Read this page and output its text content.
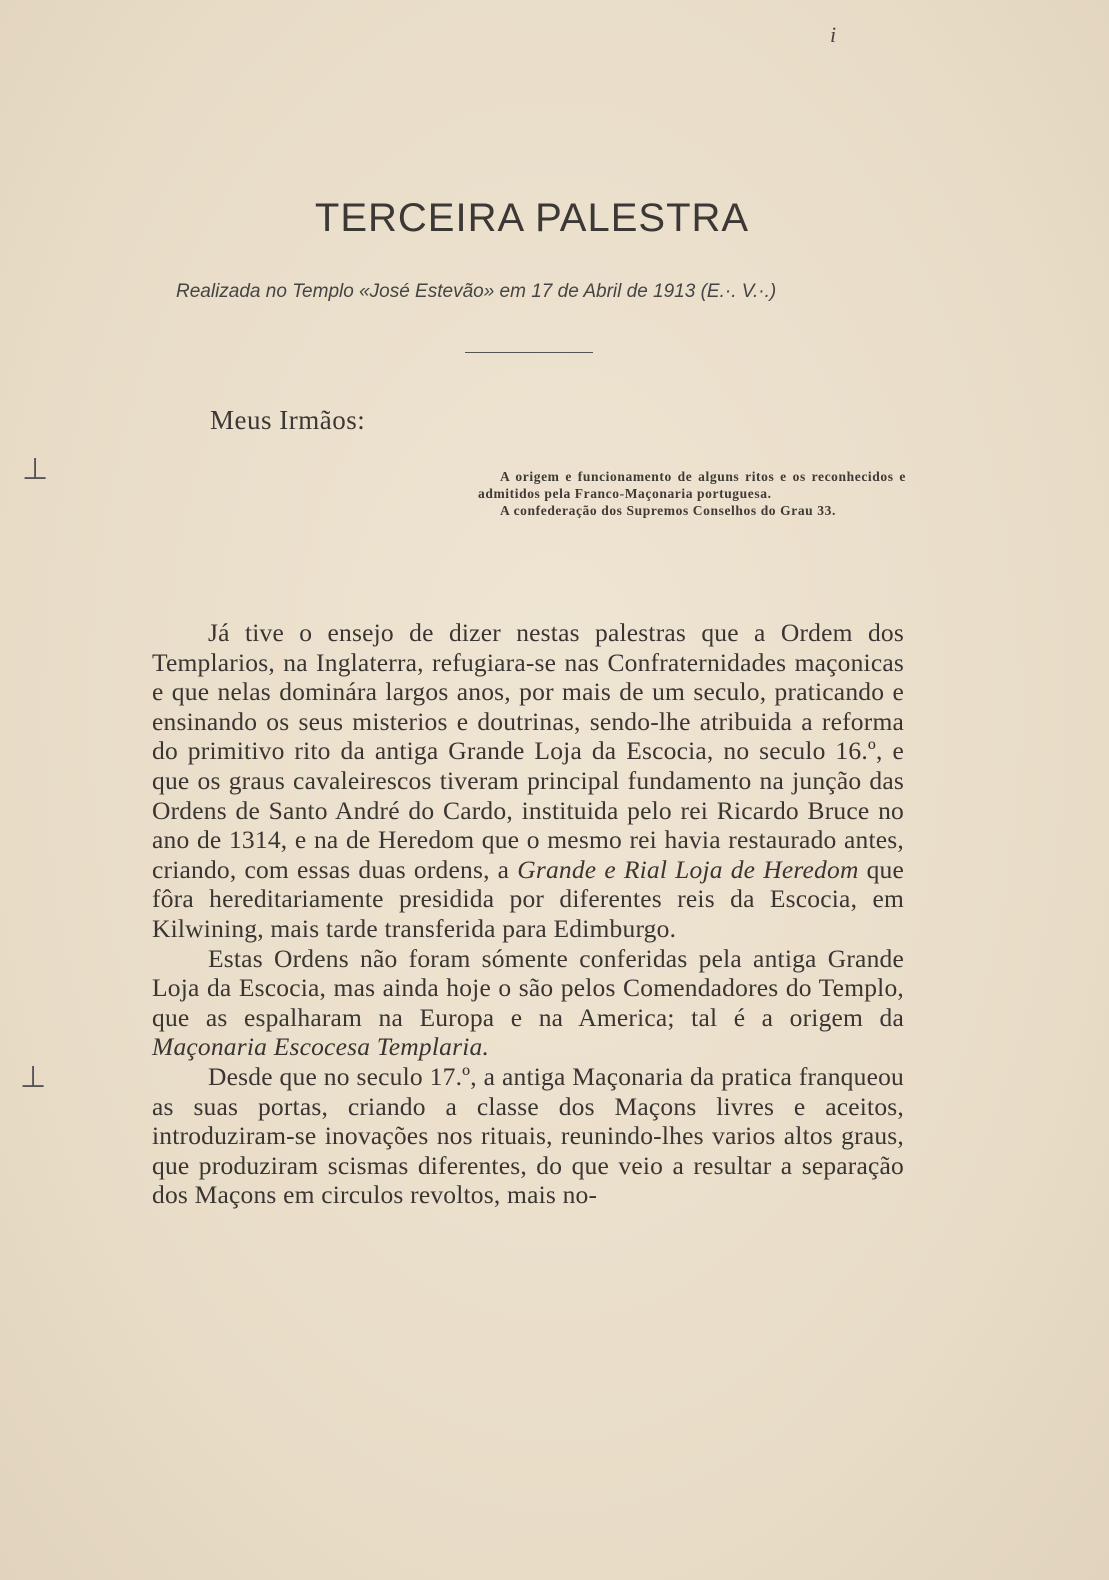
i
⊥
⊥
TERCEIRA PALESTRA
Realizada no Templo «José Estevão» em 17 de Abril de 1913 (E.·. V.·.)
Meus Irmãos:

A origem e funcionamento de alguns ritos e os reconhecidos e admitidos pela Franco-Maçonaria portuguesa.

A confederação dos Supremos Conselhos do Grau 33.

Já tive o ensejo de dizer nestas palestras que a Ordem dos Templarios, na Inglaterra, refugiara-se nas Confraternidades maçonicas e que nelas dominára largos anos, por mais de um seculo, praticando e ensinando os seus misterios e doutrinas, sendo-lhe atribuida a reforma do primitivo rito da antiga Grande Loja da Escocia, no seculo 16.º, e que os graus cavaleirescos tiveram principal fundamento na junção das Ordens de Santo André do Cardo, instituida pelo rei Ricardo Bruce no ano de 1314, e na de Heredom que o mesmo rei havia restaurado antes, criando, com essas duas ordens, a Grande e Rial Loja de Heredom que fôra hereditariamente presidida por diferentes reis da Escocia, em Kilwining, mais tarde transferida para Edimburgo.

Estas Ordens não foram sómente conferidas pela antiga Grande Loja da Escocia, mas ainda hoje o são pelos Comendadores do Templo, que as espalharam na Europa e na America; tal é a origem da Maçonaria Escocesa Templaria.

Desde que no seculo 17.º, a antiga Maçonaria da pratica franqueou as suas portas, criando a classe dos Maçons livres e aceitos, introduziram-se inovações nos rituais, reunindo-lhes varios altos graus, que produziram scismas diferentes, do que veio a resultar a separação dos Maçons em circulos revoltos, mais no-
